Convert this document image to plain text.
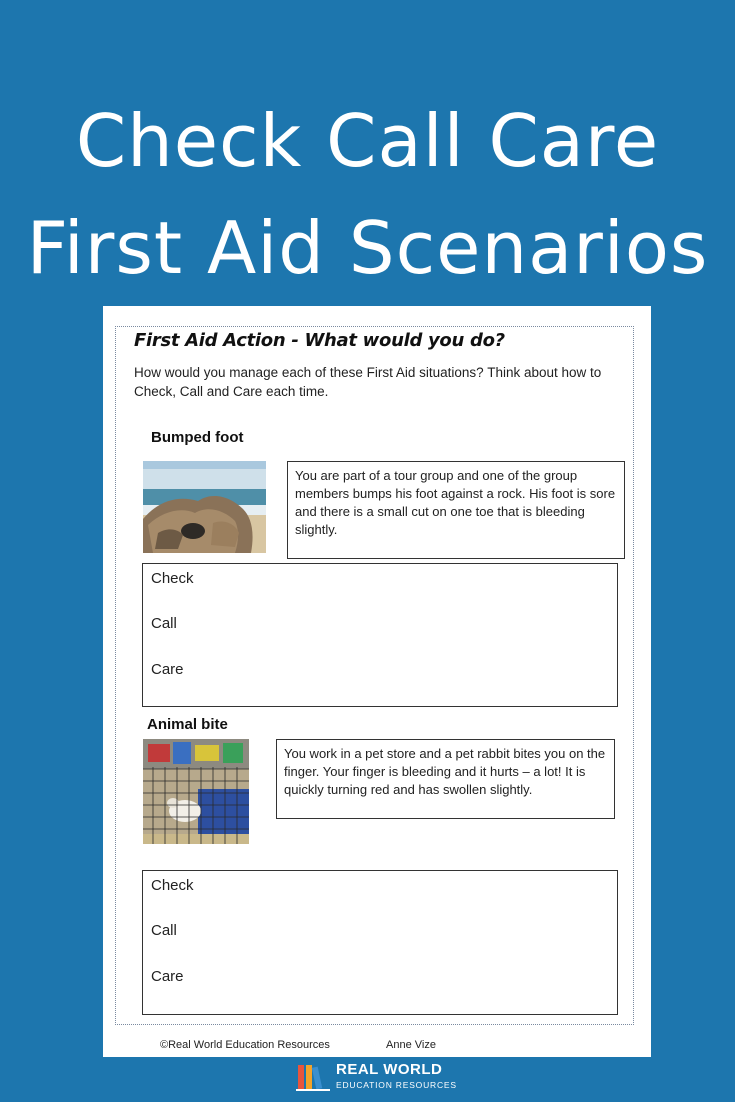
Check Call Care
First Aid Scenarios
First Aid Action - What would you do?
How would you manage each of these First Aid situations? Think about how to Check, Call and Care each time.
Bumped foot
You are part of a tour group and one of the group members bumps his foot against a rock. His foot is sore and there is a small cut on one toe that is bleeding slightly.
Check
Call
Care
Animal bite
You work in a pet store and a pet rabbit bites you on the finger. Your finger is bleeding and it hurts – a lot! It is quickly turning red and has swollen slightly.
Check
Call
Care
©Real World Education Resources	Anne Vize
REAL WORLD
EDUCATION RESOURCES
